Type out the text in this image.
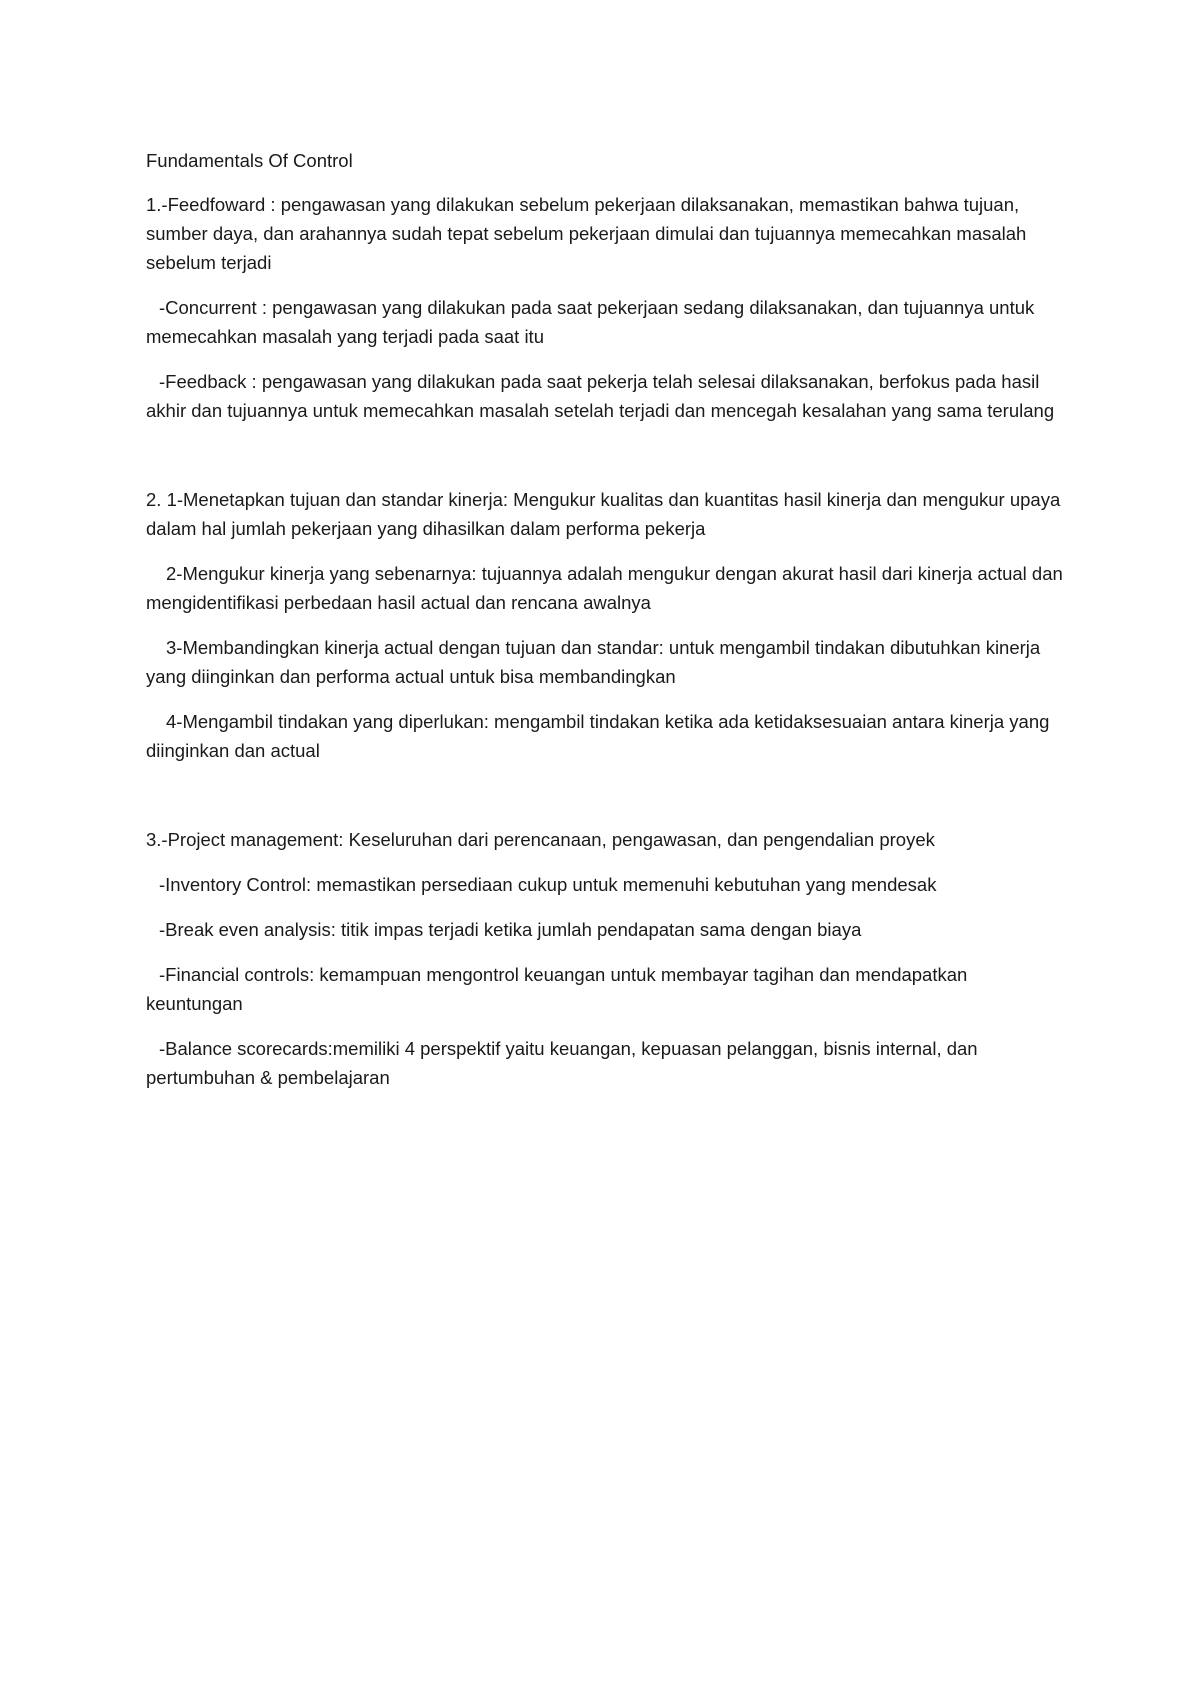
Fundamentals Of Control

1.-Feedfoward : pengawasan yang dilakukan sebelum pekerjaan dilaksanakan, memastikan bahwa tujuan, sumber daya, dan arahannya sudah tepat sebelum pekerjaan dimulai dan tujuannya memecahkan masalah sebelum terjadi

-Concurrent : pengawasan yang dilakukan pada saat pekerjaan sedang dilaksanakan, dan tujuannya untuk memecahkan masalah yang terjadi pada saat itu

-Feedback : pengawasan yang dilakukan pada saat pekerja telah selesai dilaksanakan, berfokus pada hasil akhir dan tujuannya untuk memecahkan masalah setelah terjadi dan mencegah kesalahan yang sama terulang

2. 1-Menetapkan tujuan dan standar kinerja: Mengukur kualitas dan kuantitas hasil kinerja dan mengukur upaya dalam hal jumlah pekerjaan yang dihasilkan dalam performa pekerja

2-Mengukur kinerja yang sebenarnya: tujuannya adalah mengukur dengan akurat hasil dari kinerja actual dan mengidentifikasi perbedaan hasil actual dan rencana awalnya

3-Membandingkan kinerja actual dengan tujuan dan standar: untuk mengambil tindakan dibutuhkan kinerja yang diinginkan dan performa actual untuk bisa membandingkan

4-Mengambil tindakan yang diperlukan: mengambil tindakan ketika ada ketidaksesuaian antara kinerja yang diinginkan dan actual

3.-Project management: Keseluruhan dari perencanaan, pengawasan, dan pengendalian proyek

-Inventory Control: memastikan persediaan cukup untuk memenuhi kebutuhan yang mendesak

-Break even analysis: titik impas terjadi ketika jumlah pendapatan sama dengan biaya

-Financial controls: kemampuan mengontrol keuangan untuk membayar tagihan dan mendapatkan keuntungan

-Balance scorecards:memiliki 4 perspektif yaitu keuangan, kepuasan pelanggan, bisnis internal, dan pertumbuhan & pembelajaran
